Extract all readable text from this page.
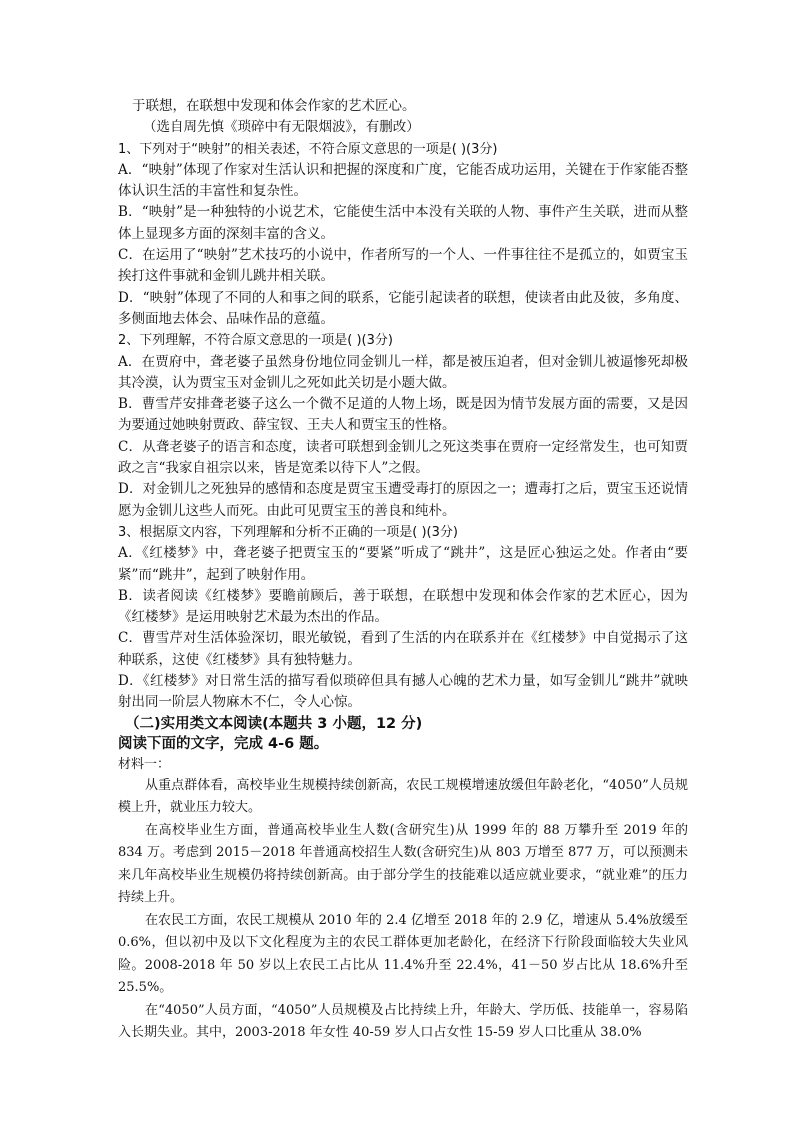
于联想，在联想中发现和体会作家的艺术匠心。

（选自周先慎《琐碎中有无限烟波》，有删改）

1、下列对于“映射”的相关表述，不符合原文意思的一项是( )(3分)

A．“映射”体现了作家对生活认识和把握的深度和广度，它能否成功运用，关键在于作家能否整体认识生活的丰富性和复杂性。

B．“映射”是一种独特的小说艺术，它能使生活中本没有关联的人物、事件产生关联，进而从整体上显现多方面的深刻丰富的含义。

C．在运用了“映射”艺术技巧的小说中，作者所写的一个人、一件事往往不是孤立的，如贾宝玉挨打这件事就和金钏儿跳井相关联。

D．“映射”体现了不同的人和事之间的联系，它能引起读者的联想，使读者由此及彼，多角度、多侧面地去体会、品味作品的意蕴。

2、下列理解，不符合原文意思的一项是( )(3分)

A．在贾府中，聋老婆子虽然身份地位同金钏儿一样，都是被压迫者，但对金钏儿被逼惨死却极其冷漠，认为贾宝玉对金钏儿之死如此关切是小题大做。

B．曹雪芹安排聋老婆子这么一个微不足道的人物上场，既是因为情节发展方面的需要，又是因为要通过她映射贾政、薛宝钗、王夫人和贾宝玉的性格。

C．从聋老婆子的语言和态度，读者可联想到金钏儿之死这类事在贾府一定经常发生，也可知贾政之言“我家自祖宗以来，皆是宽柔以待下人”之假。

D．对金钏儿之死独异的感情和态度是贾宝玉遭受毒打的原因之一；遭毒打之后，贾宝玉还说情愿为金钏儿这些人而死。由此可见贾宝玉的善良和纯朴。

3、根据原文内容，下列理解和分析不正确的一项是( )(3分)

A．《红楼梦》中，聋老婆子把贾宝玉的“要紧”听成了“跳井”，这是匠心独运之处。作者由“要紧”而“跳井”，起到了映射作用。

B．读者阅读《红楼梦》要瞻前顾后，善于联想，在联想中发现和体会作家的艺术匠心，因为《红楼梦》是运用映射艺术最为杰出的作品。

C．曹雪芹对生活体验深切，眼光敏锐，看到了生活的内在联系并在《红楼梦》中自觉揭示了这种联系，这使《红楼梦》具有独特魅力。

D．《红楼梦》对日常生活的描写看似琐碎但具有撼人心魄的艺术力量，如写金钏儿“跳井”就映射出同一阶层人物麻木不仁，令人心惊。

（二)实用类文本阅读(本题共 3 小题，12 分)

阅读下面的文字，完成 4-6 题。

材料一：

从重点群体看，高校毕业生规模持续创新高，农民工规模增速放缓但年龄老化，“4050”人员规模上升，就业压力较大。

在高校毕业生方面，普通高校毕业生人数(含研究生)从 1999 年的 88 万攀升至 2019 年的 834 万。考虑到 2015－2018 年普通高校招生人数(含研究生)从 803 万增至 877 万，可以预测未来几年高校毕业生规模仍将持续创新高。由于部分学生的技能难以适应就业要求，“就业难”的压力持续上升。

在农民工方面，农民工规模从 2010 年的 2.4 亿增至 2018 年的 2.9 亿，增速从 5.4%放缓至 0.6%，但以初中及以下文化程度为主的农民工群体更加老龄化，在经济下行阶段面临较大失业风险。2008-2018 年 50 岁以上农民工占比从 11.4%升至 22.4%，41－50 岁占比从 18.6%升至 25.5%。

在“4050”人员方面，“4050”人员规模及占比持续上升，年龄大、学历低、技能单一，容易陷入长期失业。其中，2003-2018 年女性 40-59 岁人口占女性 15-59 岁人口比重从 38.0%
